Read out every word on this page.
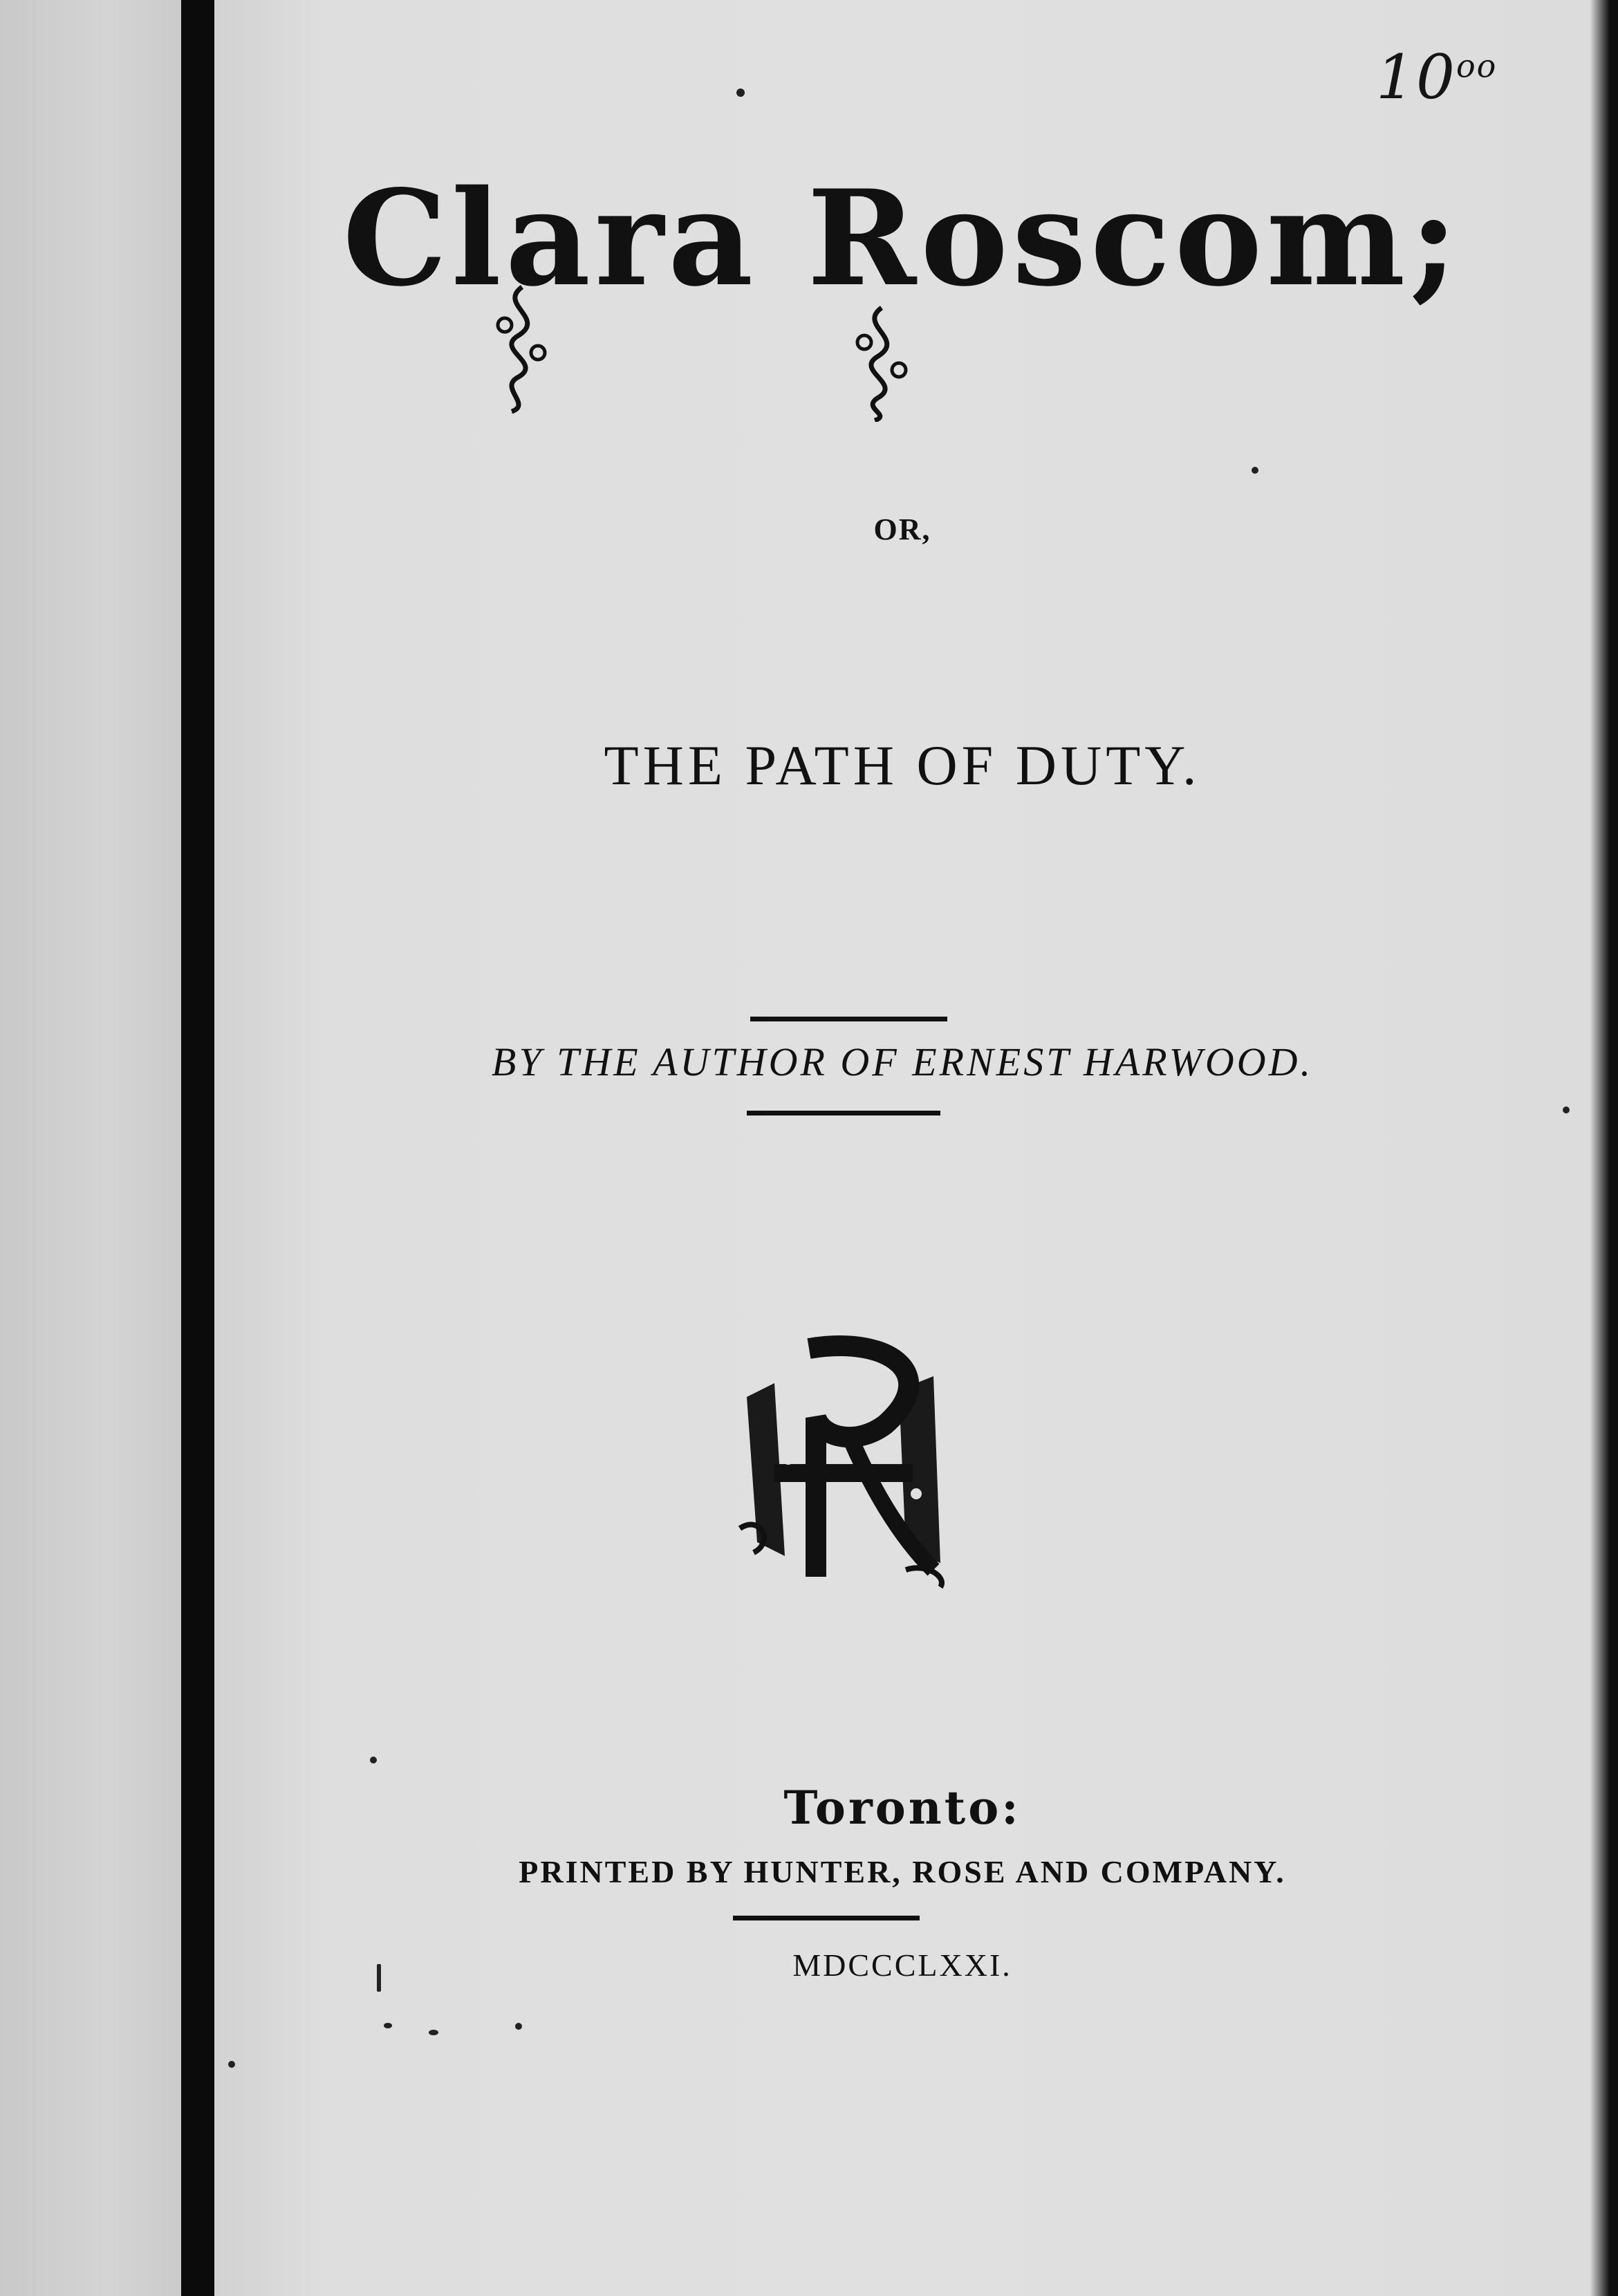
$10^{oo}$
Clara Roscom;
OR,
THE PATH OF DUTY.
BY THE AUTHOR OF ERNEST HARWOOD.
Toronto:
PRINTED BY HUNTER, ROSE AND COMPANY.
MDCCCLXXI.
